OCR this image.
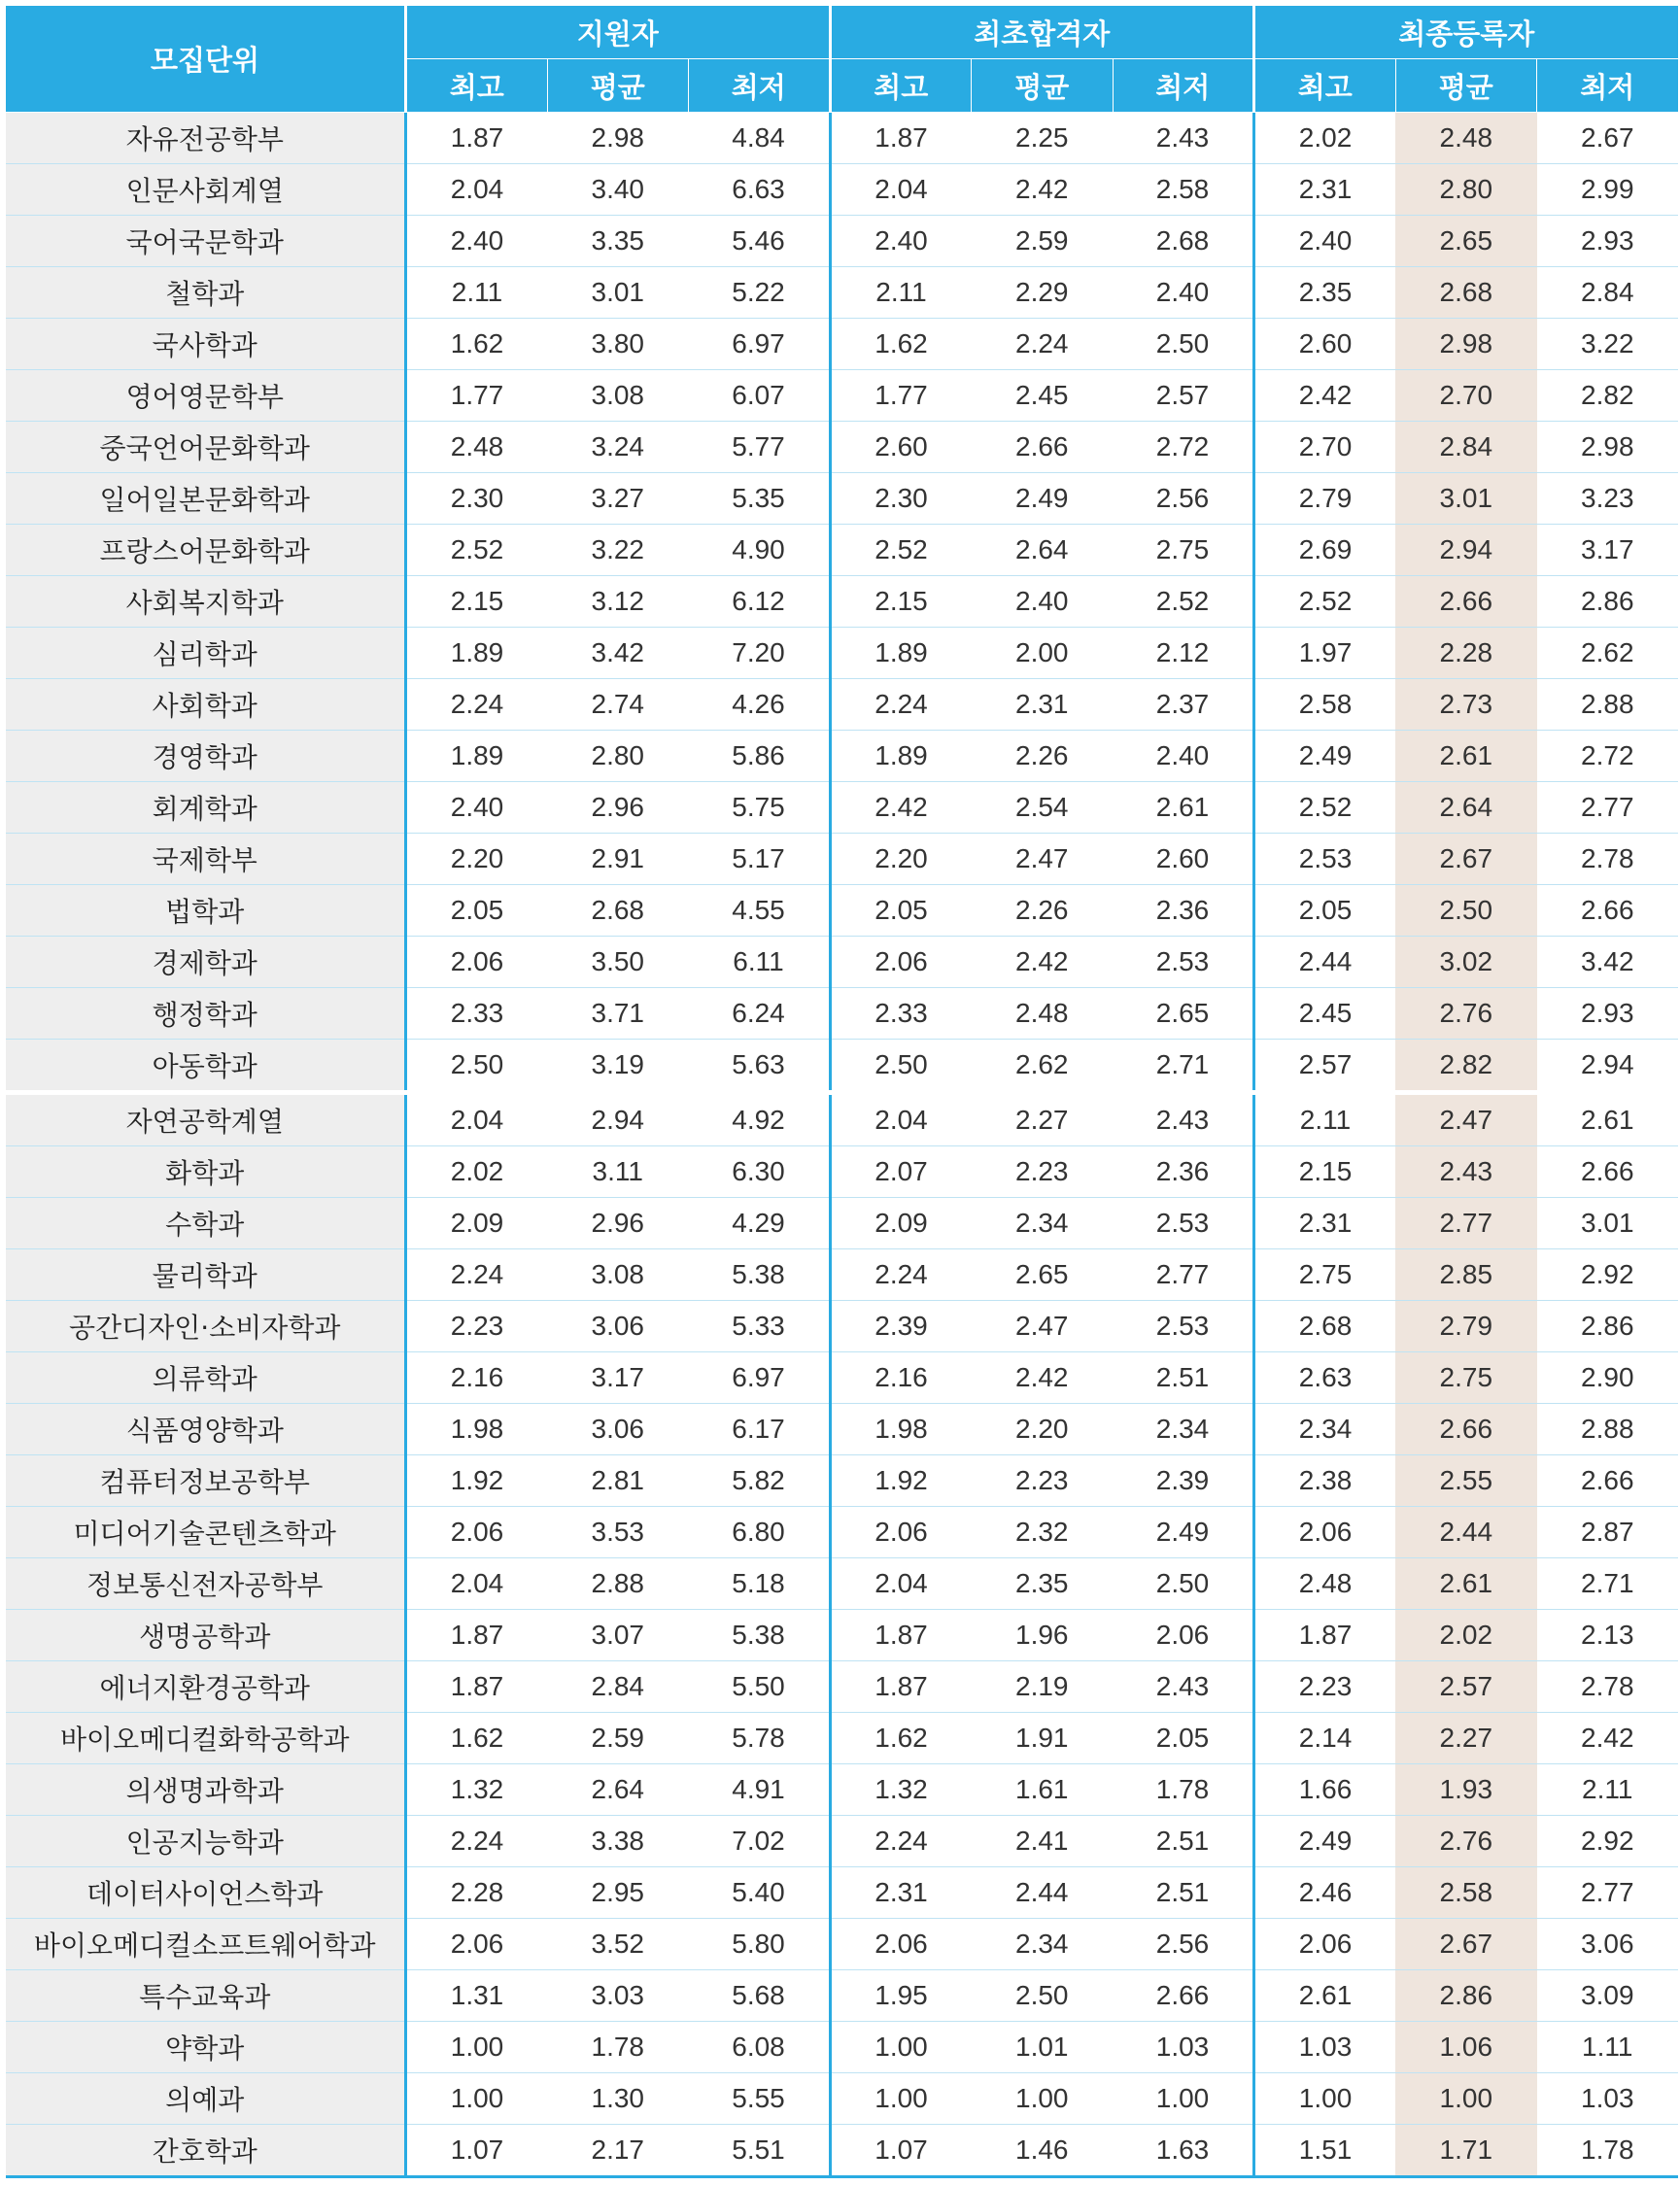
모집단위	지원자			최초합격자			최종등록자		
	최고	평균	최저	최고	평균	최저	최고	평균	최저
자유전공학부	1.87	2.98	4.84	1.87	2.25	2.43	2.02	2.48	2.67
인문사회계열	2.04	3.40	6.63	2.04	2.42	2.58	2.31	2.80	2.99
국어국문학과	2.40	3.35	5.46	2.40	2.59	2.68	2.40	2.65	2.93
철학과	2.11	3.01	5.22	2.11	2.29	2.40	2.35	2.68	2.84
국사학과	1.62	3.80	6.97	1.62	2.24	2.50	2.60	2.98	3.22
영어영문학부	1.77	3.08	6.07	1.77	2.45	2.57	2.42	2.70	2.82
중국언어문화학과	2.48	3.24	5.77	2.60	2.66	2.72	2.70	2.84	2.98
일어일본문화학과	2.30	3.27	5.35	2.30	2.49	2.56	2.79	3.01	3.23
프랑스어문화학과	2.52	3.22	4.90	2.52	2.64	2.75	2.69	2.94	3.17
사회복지학과	2.15	3.12	6.12	2.15	2.40	2.52	2.52	2.66	2.86
심리학과	1.89	3.42	7.20	1.89	2.00	2.12	1.97	2.28	2.62
사회학과	2.24	2.74	4.26	2.24	2.31	2.37	2.58	2.73	2.88
경영학과	1.89	2.80	5.86	1.89	2.26	2.40	2.49	2.61	2.72
회계학과	2.40	2.96	5.75	2.42	2.54	2.61	2.52	2.64	2.77
국제학부	2.20	2.91	5.17	2.20	2.47	2.60	2.53	2.67	2.78
법학과	2.05	2.68	4.55	2.05	2.26	2.36	2.05	2.50	2.66
경제학과	2.06	3.50	6.11	2.06	2.42	2.53	2.44	3.02	3.42
행정학과	2.33	3.71	6.24	2.33	2.48	2.65	2.45	2.76	2.93
아동학과	2.50	3.19	5.63	2.50	2.62	2.71	2.57	2.82	2.94
자연공학계열	2.04	2.94	4.92	2.04	2.27	2.43	2.11	2.47	2.61
화학과	2.02	3.11	6.30	2.07	2.23	2.36	2.15	2.43	2.66
수학과	2.09	2.96	4.29	2.09	2.34	2.53	2.31	2.77	3.01
물리학과	2.24	3.08	5.38	2.24	2.65	2.77	2.75	2.85	2.92
공간디자인·소비자학과	2.23	3.06	5.33	2.39	2.47	2.53	2.68	2.79	2.86
의류학과	2.16	3.17	6.97	2.16	2.42	2.51	2.63	2.75	2.90
식품영양학과	1.98	3.06	6.17	1.98	2.20	2.34	2.34	2.66	2.88
컴퓨터정보공학부	1.92	2.81	5.82	1.92	2.23	2.39	2.38	2.55	2.66
미디어기술콘텐츠학과	2.06	3.53	6.80	2.06	2.32	2.49	2.06	2.44	2.87
정보통신전자공학부	2.04	2.88	5.18	2.04	2.35	2.50	2.48	2.61	2.71
생명공학과	1.87	3.07	5.38	1.87	1.96	2.06	1.87	2.02	2.13
에너지환경공학과	1.87	2.84	5.50	1.87	2.19	2.43	2.23	2.57	2.78
바이오메디컬화학공학과	1.62	2.59	5.78	1.62	1.91	2.05	2.14	2.27	2.42
의생명과학과	1.32	2.64	4.91	1.32	1.61	1.78	1.66	1.93	2.11
인공지능학과	2.24	3.38	7.02	2.24	2.41	2.51	2.49	2.76	2.92
데이터사이언스학과	2.28	2.95	5.40	2.31	2.44	2.51	2.46	2.58	2.77
바이오메디컬소프트웨어학과	2.06	3.52	5.80	2.06	2.34	2.56	2.06	2.67	3.06
특수교육과	1.31	3.03	5.68	1.95	2.50	2.66	2.61	2.86	3.09
약학과	1.00	1.78	6.08	1.00	1.01	1.03	1.03	1.06	1.11
의예과	1.00	1.30	5.55	1.00	1.00	1.00	1.00	1.00	1.03
간호학과	1.07	2.17	5.51	1.07	1.46	1.63	1.51	1.71	1.78
